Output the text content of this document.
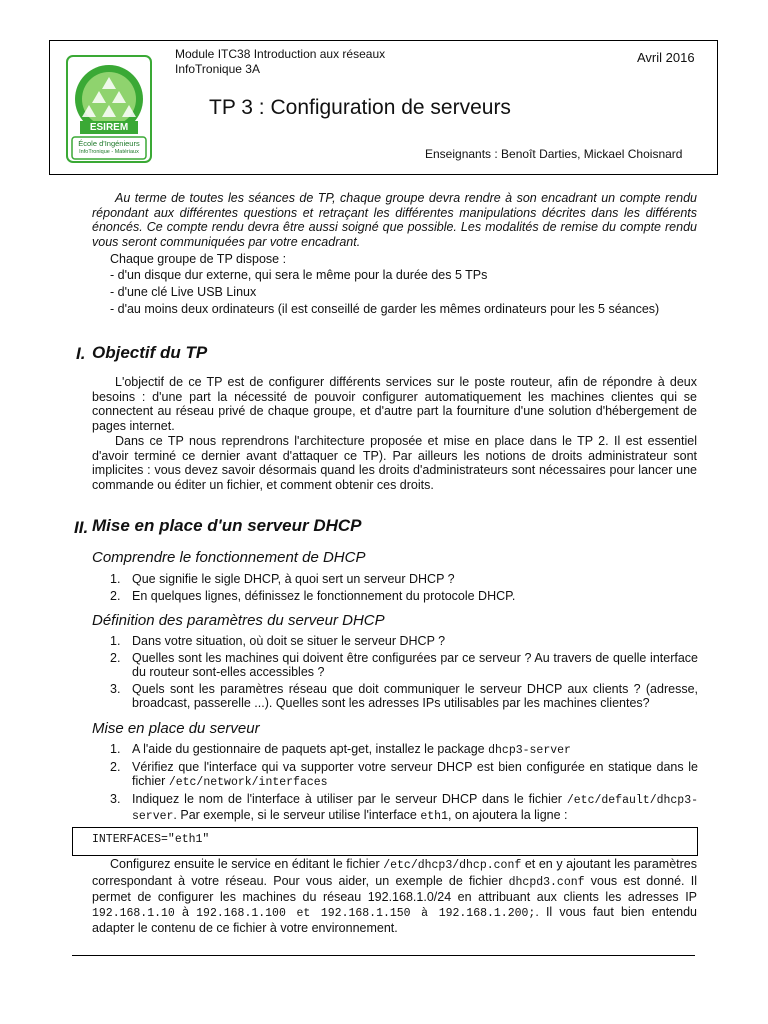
ESIREM
École d'Ingénieurs
InfoTronique - Matériaux
Module ITC38 Introduction aux réseaux
InfoTronique 3A
Avril 2016
TP 3 : Configuration de serveurs
Enseignants : Benoît Darties, Mickael Choisnard
Au terme de toutes les séances de TP, chaque groupe devra rendre à son encadrant un compte rendu répondant aux différentes questions et retraçant les différentes manipulations décrites dans les différents énoncés. Ce compte rendu devra être aussi soigné que possible. Les modalités de remise du compte rendu vous seront communiquées par votre encadrant.
Chaque groupe de TP dispose :
- d'un disque dur externe, qui sera le même pour la durée des 5 TPs
- d'une clé Live USB Linux
- d'au moins deux ordinateurs (il est conseillé de garder les mêmes ordinateurs pour les 5 séances)
I. Objectif du TP
L'objectif de ce TP est de configurer différents services sur le poste routeur, afin de répondre à deux besoins : d'une part la nécessité de pouvoir configurer automatiquement les machines clientes qui se connectent au réseau privé de chaque groupe, et d'autre part la fourniture d'une solution d'hébergement de pages internet.
Dans ce TP nous reprendrons l'architecture proposée et mise en place dans le TP 2. Il est essentiel d'avoir terminé ce dernier avant d'attaquer ce TP). Par ailleurs les notions de droits administrateur sont implicites : vous devez savoir désormais quand les droits d'administrateurs sont nécessaires pour lancer une commande ou éditer un fichier, et comment obtenir ces droits.
II. Mise en place d'un serveur DHCP
Comprendre le fonctionnement de DHCP
1. Que signifie le sigle DHCP, à quoi sert un serveur DHCP ?
2. En quelques lignes, définissez le fonctionnement du protocole DHCP.
Définition des paramètres du serveur DHCP
1. Dans votre situation, où doit se situer le serveur DHCP ?
2. Quelles sont les machines qui doivent être configurées par ce serveur ? Au travers de quelle interface du routeur sont-elles accessibles ?
3. Quels sont les paramètres réseau que doit communiquer le serveur DHCP aux clients ? (adresse, broadcast, passerelle ...). Quelles sont les adresses IPs utilisables par les machines clientes?
Mise en place du serveur
1. A l'aide du gestionnaire de paquets apt-get, installez le package dhcp3-server
2. Vérifiez que l'interface qui va supporter votre serveur DHCP est bien configurée en statique dans le fichier /etc/network/interfaces
3. Indiquez le nom de l'interface à utiliser par le serveur DHCP dans le fichier /etc/default/dhcp3-server. Par exemple, si le serveur utilise l'interface eth1, on ajoutera la ligne :
INTERFACES="eth1"
Configurez ensuite le service en éditant le fichier /etc/dhcp3/dhcp.conf et en y ajoutant les paramètres correspondant à votre réseau. Pour vous aider, un exemple de fichier dhcpd3.conf vous est donné. Il permet de configurer les machines du réseau 192.168.1.0/24 en attribuant aux clients les adresses IP 192.168.1.10 à 192.168.1.100 et 192.168.1.150 à 192.168.1.200;. Il vous faut bien entendu adapter le contenu de ce fichier à votre environnement.
